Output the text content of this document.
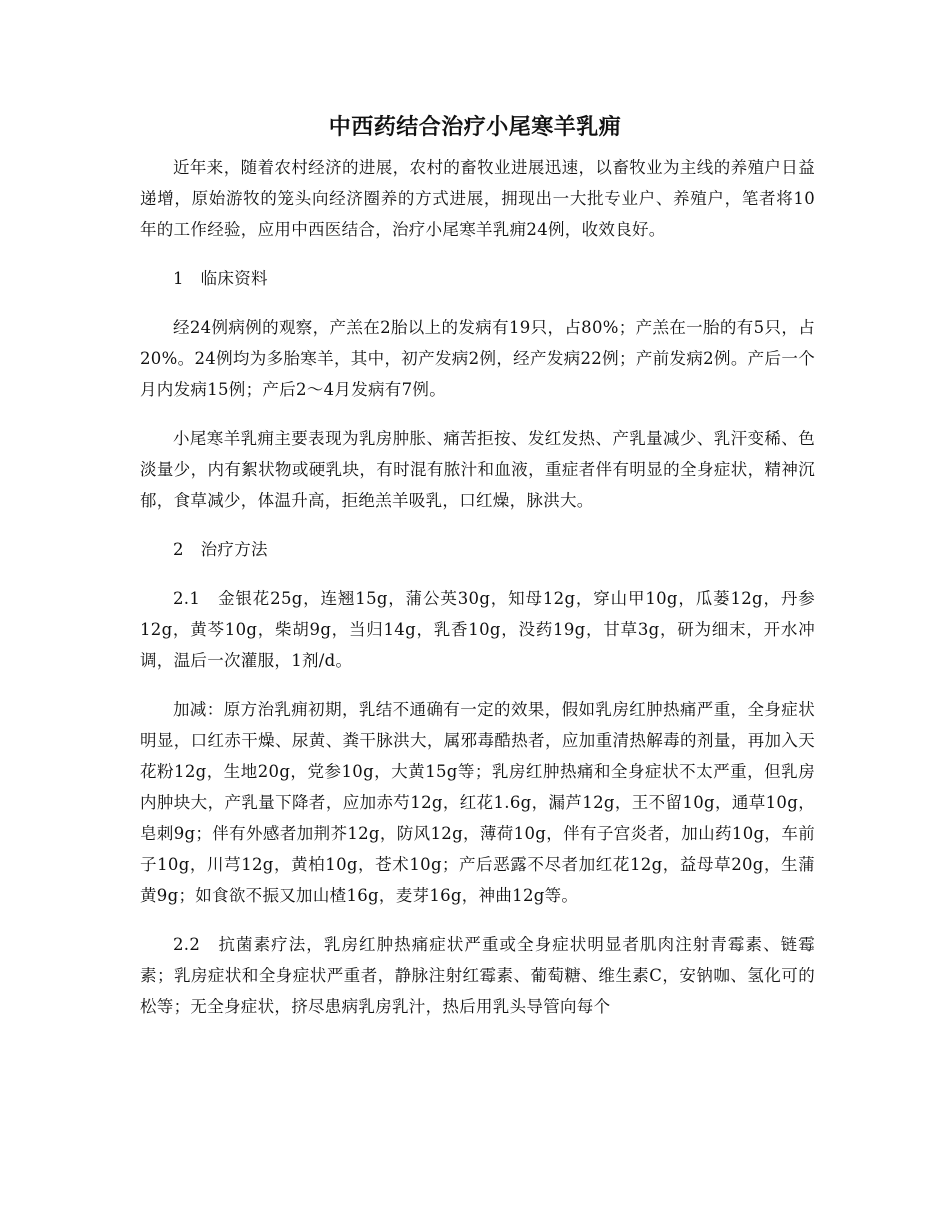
中西药结合治疗小尾寒羊乳痈

近年来，随着农村经济的进展，农村的畜牧业进展迅速，以畜牧业为主线的养殖户日益递增，原始游牧的笼头向经济圈养的方式进展，拥现出一大批专业户、养殖户，笔者将10年的工作经验，应用中西医结合，治疗小尾寒羊乳痈24例，收效良好。

1　临床资料

经24例病例的观察，产羔在2胎以上的发病有19只，占80%；产羔在一胎的有5只，占20%。24例均为多胎寒羊，其中，初产发病2例，经产发病22例；产前发病2例。产后一个月内发病15例；产后2～4月发病有7例。

小尾寒羊乳痈主要表现为乳房肿胀、痛苦拒按、发红发热、产乳量减少、乳汗变稀、色淡量少，内有絮状物或硬乳块，有时混有脓汁和血液，重症者伴有明显的全身症状，精神沉郁，食草减少，体温升高，拒绝羔羊吸乳，口红燥，脉洪大。

2　治疗方法

2.1　金银花25g，连翘15g，蒲公英30g，知母12g，穿山甲10g，瓜蒌12g，丹参12g，黄芩10g，柴胡9g，当归14g，乳香10g，没药19g，甘草3g，研为细末，开水冲调，温后一次灌服，1剂/d。

加减：原方治乳痈初期，乳结不通确有一定的效果，假如乳房红肿热痛严重，全身症状明显，口红赤干燥、尿黄、粪干脉洪大，属邪毒酷热者，应加重清热解毒的剂量，再加入天花粉12g，生地20g，党参10g，大黄15g等；乳房红肿热痛和全身症状不太严重，但乳房内肿块大，产乳量下降者，应加赤芍12g，红花1.6g，漏芦12g，王不留10g，通草10g，皂刺9g；伴有外感者加荆芥12g，防风12g，薄荷10g，伴有子宫炎者，加山药10g，车前子10g，川芎12g，黄柏10g，苍术10g；产后恶露不尽者加红花12g，益母草20g，生蒲黄9g；如食欲不振又加山楂16g，麦芽16g，神曲12g等。

2.2　抗菌素疗法，乳房红肿热痛症状严重或全身症状明显者肌肉注射青霉素、链霉素；乳房症状和全身症状严重者，静脉注射红霉素、葡萄糖、维生素C，安钠咖、氢化可的松等；无全身症状，挤尽患病乳房乳汁，热后用乳头导管向每个
